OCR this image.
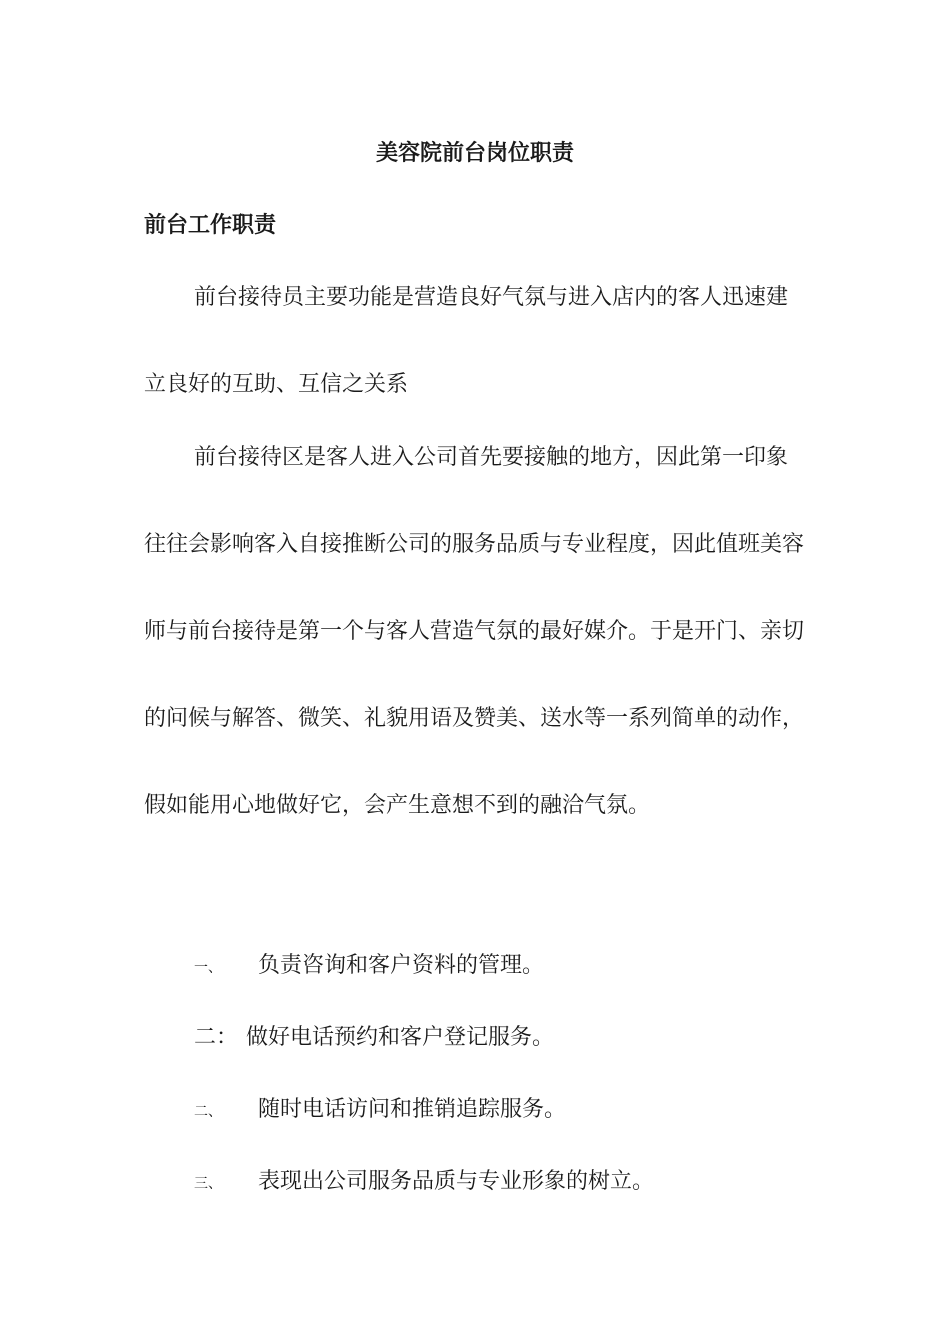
美容院前台岗位职责
前台工作职责

前台接待员主要功能是营造良好气氛与进入店内的客人迅速建立良好的互助、互信之关系

前台接待区是客人进入公司首先要接触的地方，因此第一印象往往会影响客入自接推断公司的服务品质与专业程度，因此值班美容师与前台接待是第一个与客人营造气氛的最好媒介。于是开门、亲切的问候与解答、微笑、礼貌用语及赞美、送水等一系列简单的动作，假如能用心地做好它，会产生意想不到的融洽气氛。

一、 负责咨询和客户资料的管理。
二： 做好电话预约和客户登记服务。
二、 随时电话访问和推销追踪服务。
三、 表现出公司服务品质与专业形象的树立。
